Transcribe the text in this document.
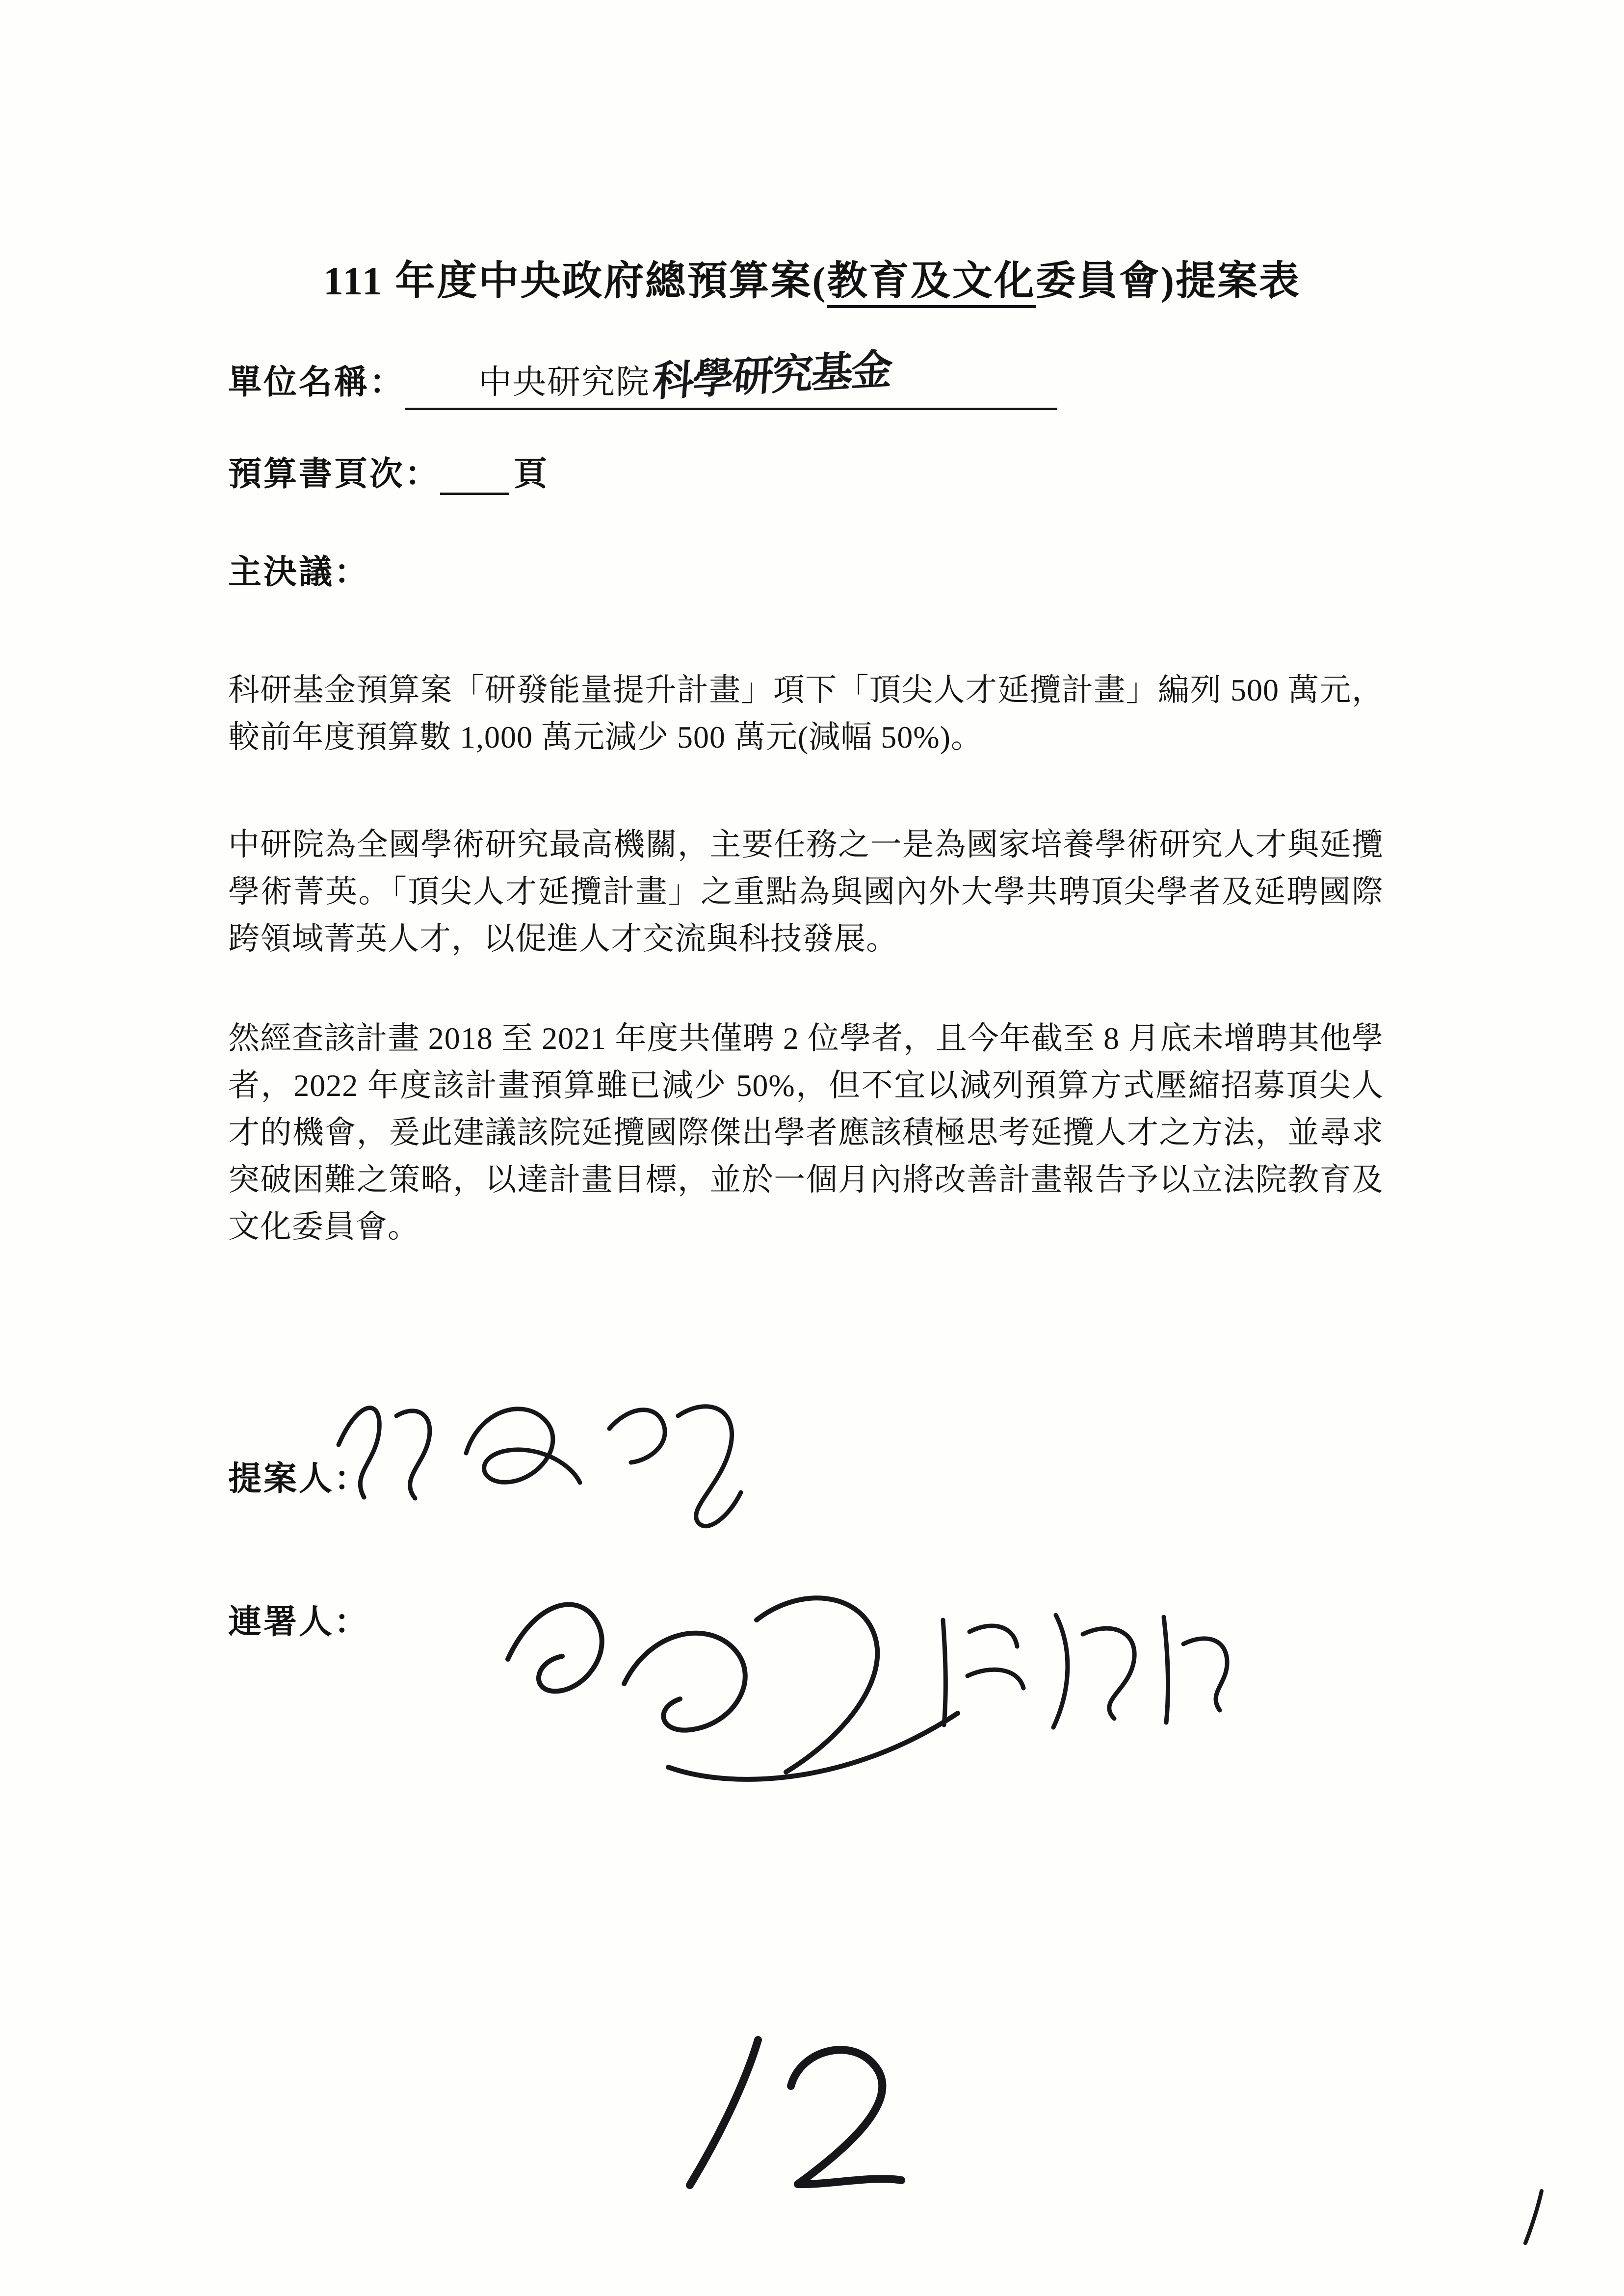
111 年度中央政府總預算案(教育及文化委員會)提案表
單位名稱： 中央研究院科學研究基金
預算書頁次： 頁
主決議：

科研基金預算案「研發能量提升計畫」項下「頂尖人才延攬計畫」編列 500 萬元，較前年度預算數 1,000 萬元減少 500 萬元(減幅 50%)。

中研院為全國學術研究最高機關，主要任務之一是為國家培養學術研究人才與延攬學術菁英。「頂尖人才延攬計畫」之重點為與國內外大學共聘頂尖學者及延聘國際跨領域菁英人才，以促進人才交流與科技發展。

然經查該計畫 2018 至 2021 年度共僅聘 2 位學者，且今年截至 8 月底未增聘其他學者，2022 年度該計畫預算雖已減少 50%，但不宜以減列預算方式壓縮招募頂尖人才的機會，爰此建議該院延攬國際傑出學者應該積極思考延攬人才之方法，並尋求突破困難之策略，以達計畫目標，並於一個月內將改善計畫報告予以立法院教育及文化委員會。

提案人：
連署人：
